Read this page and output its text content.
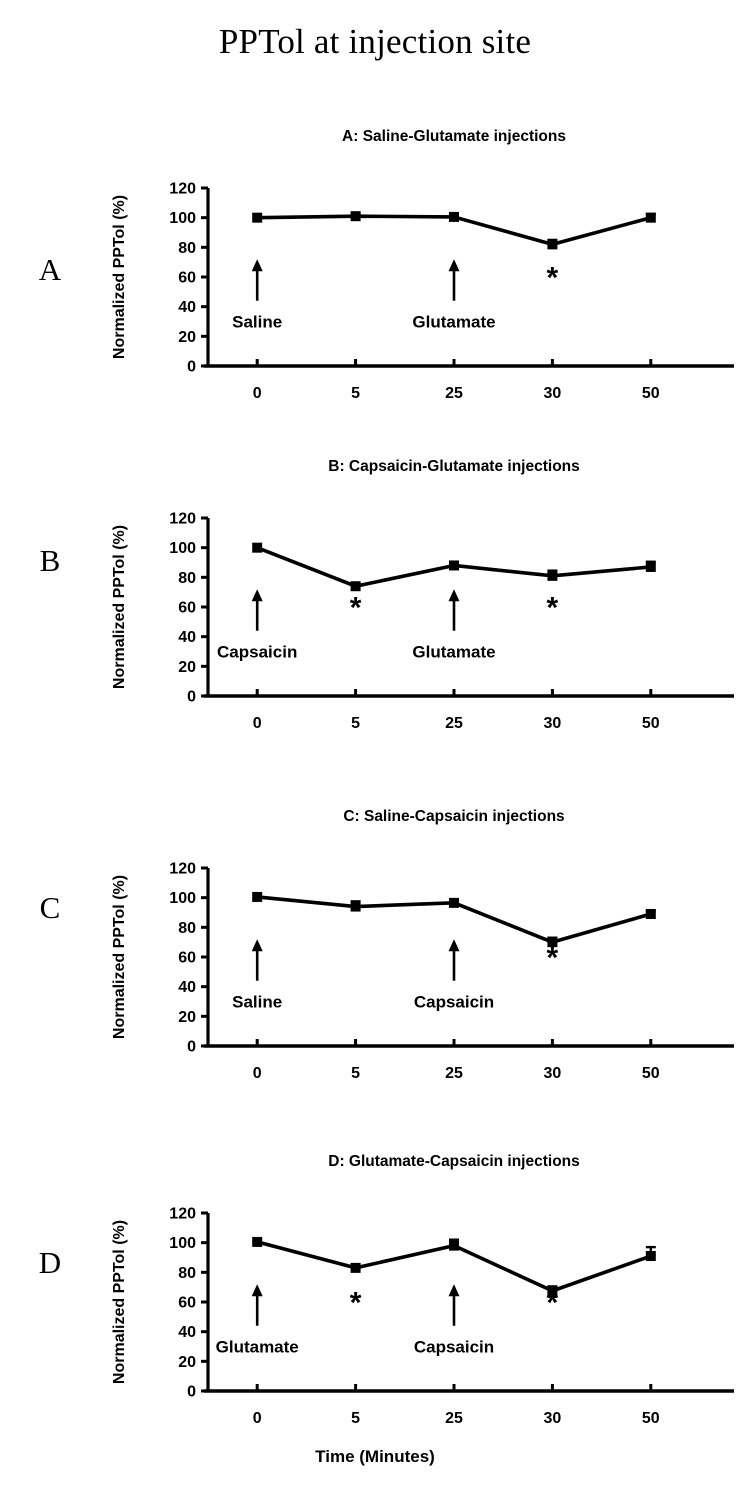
PPTol at injection site
A
A: Saline-Glutamate injections
Normalized PPTol (%)
0
20
40
60
80
100
120
0	5	25	30	50
Saline	Glutamate
*
B
B: Capsaicin-Glutamate injections
Normalized PPTol (%)
0
20
40
60
80
100
120
0	5	25	30	50
Capsaicin	Glutamate
*	*
C
C: Saline-Capsaicin injections
Normalized PPTol (%)
0
20
40
60
80
100
120
0	5	25	30	50
Saline	Capsaicin
*
D
D: Glutamate-Capsaicin injections
Normalized PPTol (%)
0
20
40
60
80
100
120
0	5	25	30	50
Glutamate	Capsaicin
*	*
Time (Minutes)
